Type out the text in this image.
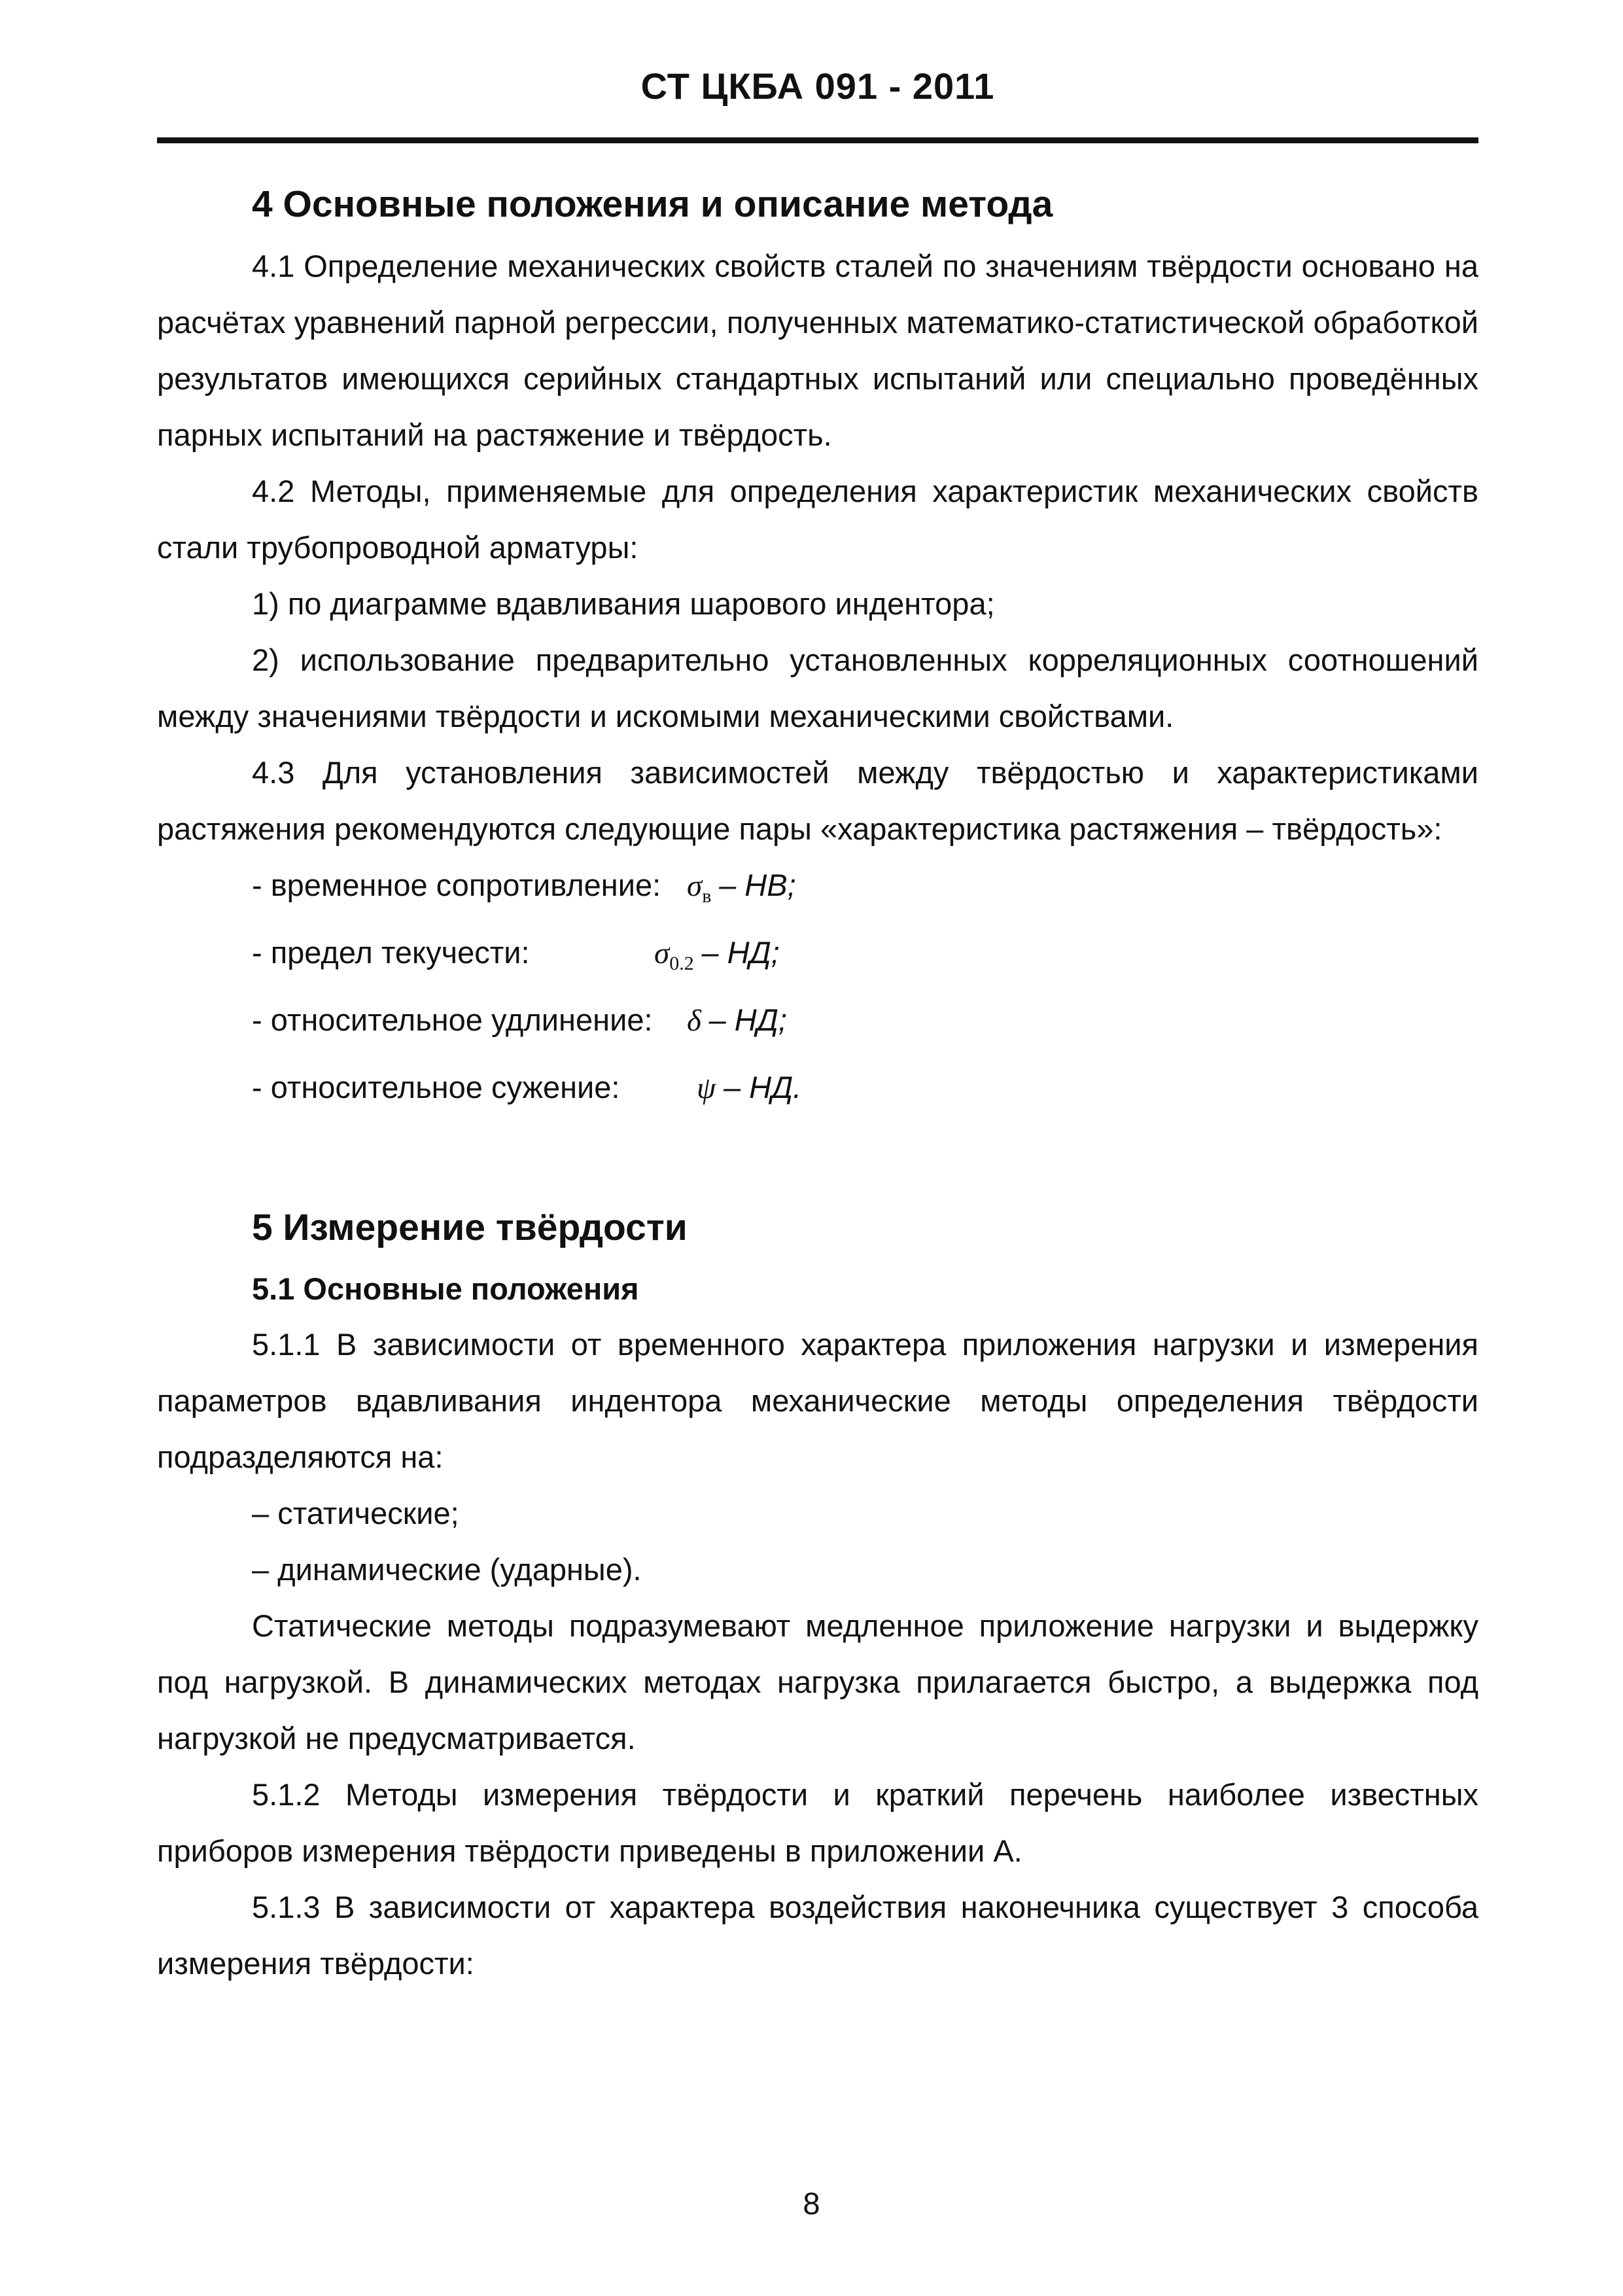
СТ ЦКБА 091 - 2011
4 Основные положения и описание метода

4.1 Определение механических свойств сталей по значениям твёрдости основано на расчётах уравнений парной регрессии, полученных математико-статистической обработкой результатов имеющихся серийных стандартных испытаний или специально проведённых парных испытаний на растяжение и твёрдость.

4.2 Методы, применяемые для определения характеристик механических свойств стали трубопроводной арматуры:

1) по диаграмме вдавливания шарового индентора;

2) использование предварительно установленных корреляционных соотношений между значениями твёрдости и искомыми механическими свойствами.

4.3 Для установления зависимостей между твёрдостью и характеристиками растяжения рекомендуются следующие пары «характеристика растяжения – твёрдость»:

- временное сопротивление: $\sigma_в$ – НВ;

- предел текучести:	$\sigma_{0.2}$ – НД;

- относительное удлинение:	δ – НД;

- относительное сужение:	ψ – НД.

5 Измерение твёрдости
5.1 Основные положения

5.1.1 В зависимости от временного характера приложения нагрузки и измерения параметров вдавливания индентора механические методы определения твёрдости подразделяются на:

– статические;

– динамические (ударные).

Статические методы подразумевают медленное приложение нагрузки и выдержку под нагрузкой. В динамических методах нагрузка прилагается быстро, а выдержка под нагрузкой не предусматривается.

5.1.2 Методы измерения твёрдости и краткий перечень наиболее известных приборов измерения твёрдости приведены в приложении А.

5.1.3 В зависимости от характера воздействия наконечника существует 3 способа измерения твёрдости:

8
